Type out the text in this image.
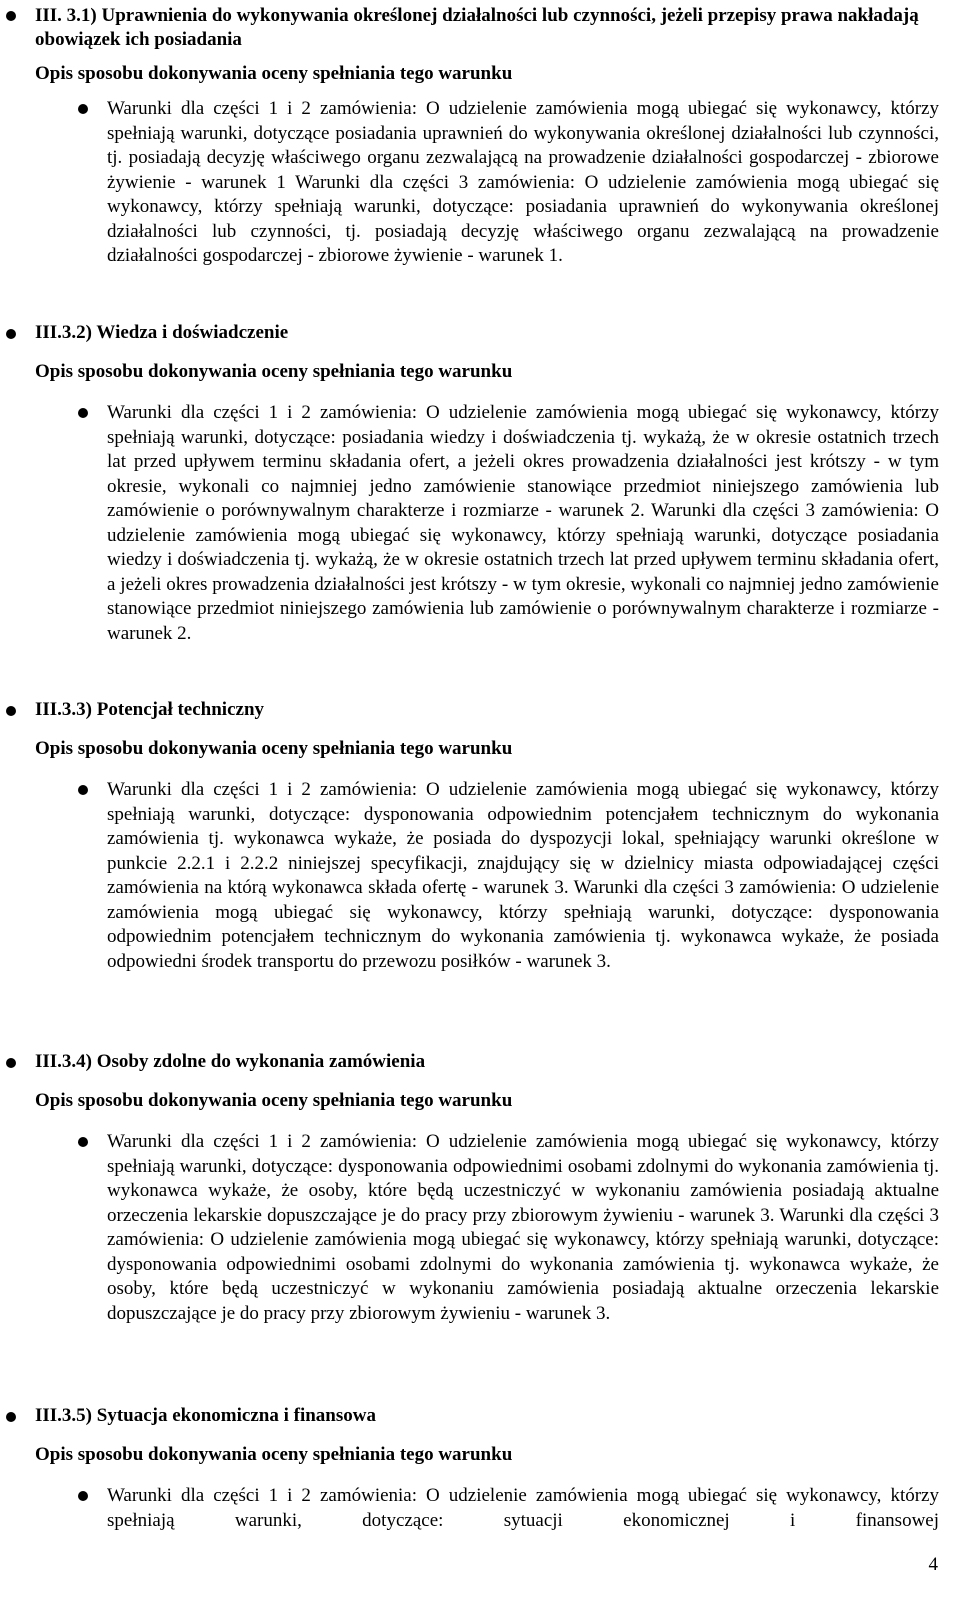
III. 3.1) Uprawnienia do wykonywania określonej działalności lub czynności, jeżeli przepisy prawa nakładają obowiązek ich posiadania
Opis sposobu dokonywania oceny spełniania tego warunku
Warunki dla części 1 i 2 zamówienia: O udzielenie zamówienia mogą ubiegać się wykonawcy, którzy spełniają warunki, dotyczące posiadania uprawnień do wykonywania określonej działalności lub czynności, tj. posiadają decyzję właściwego organu zezwalającą na prowadzenie działalności gospodarczej - zbiorowe żywienie - warunek 1 Warunki dla części 3 zamówienia: O udzielenie zamówienia mogą ubiegać się wykonawcy, którzy spełniają warunki, dotyczące: posiadania uprawnień do wykonywania określonej działalności lub czynności, tj. posiadają decyzję właściwego organu zezwalającą na prowadzenie działalności gospodarczej - zbiorowe żywienie - warunek 1.
III.3.2) Wiedza i doświadczenie
Opis sposobu dokonywania oceny spełniania tego warunku
Warunki dla części 1 i 2 zamówienia: O udzielenie zamówienia mogą ubiegać się wykonawcy, którzy spełniają warunki, dotyczące: posiadania wiedzy i doświadczenia tj. wykażą, że w okresie ostatnich trzech lat przed upływem terminu składania ofert, a jeżeli okres prowadzenia działalności jest krótszy - w tym okresie, wykonali co najmniej jedno zamówienie stanowiące przedmiot niniejszego zamówienia lub zamówienie o porównywalnym charakterze i rozmiarze - warunek 2. Warunki dla części 3 zamówienia: O udzielenie zamówienia mogą ubiegać się wykonawcy, którzy spełniają warunki, dotyczące posiadania wiedzy i doświadczenia tj. wykażą, że w okresie ostatnich trzech lat przed upływem terminu składania ofert, a jeżeli okres prowadzenia działalności jest krótszy - w tym okresie, wykonali co najmniej jedno zamówienie stanowiące przedmiot niniejszego zamówienia lub zamówienie o porównywalnym charakterze i rozmiarze - warunek 2.
III.3.3) Potencjał techniczny
Opis sposobu dokonywania oceny spełniania tego warunku
Warunki dla części 1 i 2 zamówienia: O udzielenie zamówienia mogą ubiegać się wykonawcy, którzy spełniają warunki, dotyczące: dysponowania odpowiednim potencjałem technicznym do wykonania zamówienia tj. wykonawca wykaże, że posiada do dyspozycji lokal, spełniający warunki określone w punkcie 2.2.1 i 2.2.2 niniejszej specyfikacji, znajdujący się w dzielnicy miasta odpowiadającej części zamówienia na którą wykonawca składa ofertę - warunek 3. Warunki dla części 3 zamówienia: O udzielenie zamówienia mogą ubiegać się wykonawcy, którzy spełniają warunki, dotyczące: dysponowania odpowiednim potencjałem technicznym do wykonania zamówienia tj. wykonawca wykaże, że posiada odpowiedni środek transportu do przewozu posiłków - warunek 3.
III.3.4) Osoby zdolne do wykonania zamówienia
Opis sposobu dokonywania oceny spełniania tego warunku
Warunki dla części 1 i 2 zamówienia: O udzielenie zamówienia mogą ubiegać się wykonawcy, którzy spełniają warunki, dotyczące: dysponowania odpowiednimi osobami zdolnymi do wykonania zamówienia tj. wykonawca wykaże, że osoby, które będą uczestniczyć w wykonaniu zamówienia posiadają aktualne orzeczenia lekarskie dopuszczające je do pracy przy zbiorowym żywieniu - warunek 3. Warunki dla części 3 zamówienia: O udzielenie zamówienia mogą ubiegać się wykonawcy, którzy spełniają warunki, dotyczące: dysponowania odpowiednimi osobami zdolnymi do wykonania zamówienia tj. wykonawca wykaże, że osoby, które będą uczestniczyć w wykonaniu zamówienia posiadają aktualne orzeczenia lekarskie dopuszczające je do pracy przy zbiorowym żywieniu - warunek 3.
III.3.5) Sytuacja ekonomiczna i finansowa
Opis sposobu dokonywania oceny spełniania tego warunku
Warunki dla części 1 i 2 zamówienia: O udzielenie zamówienia mogą ubiegać się wykonawcy, którzy spełniają warunki, dotyczące: sytuacji ekonomicznej i finansowej
4
